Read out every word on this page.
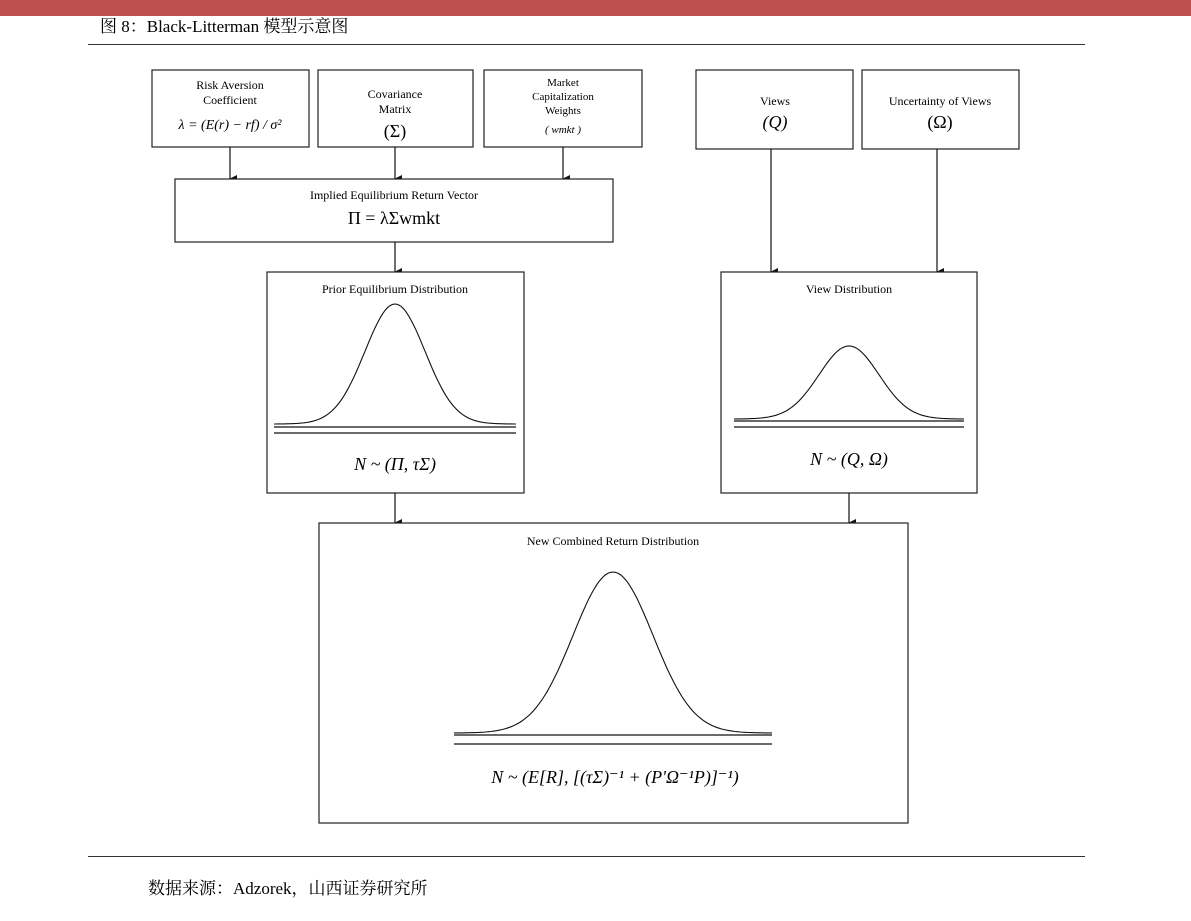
图 8：Black-Litterman 模型示意图
Risk Aversion
Coefficient
λ = (E(r) − rf) / σ²
Covariance
Matrix
(Σ)
Market
Capitalization
Weights
( wmkt )
Views
(Q)
Uncertainty of Views
(Ω)
Implied Equilibrium Return Vector
Π = λΣwmkt
Prior Equilibrium Distribution
N ~ (Π, τΣ)
View Distribution
N ~ (Q, Ω)
New Combined Return Distribution
N ~ (E[R], [(τΣ)⁻¹ + (P'Ω⁻¹P)]⁻¹)
数据来源：Adzorek，山西证券研究所
